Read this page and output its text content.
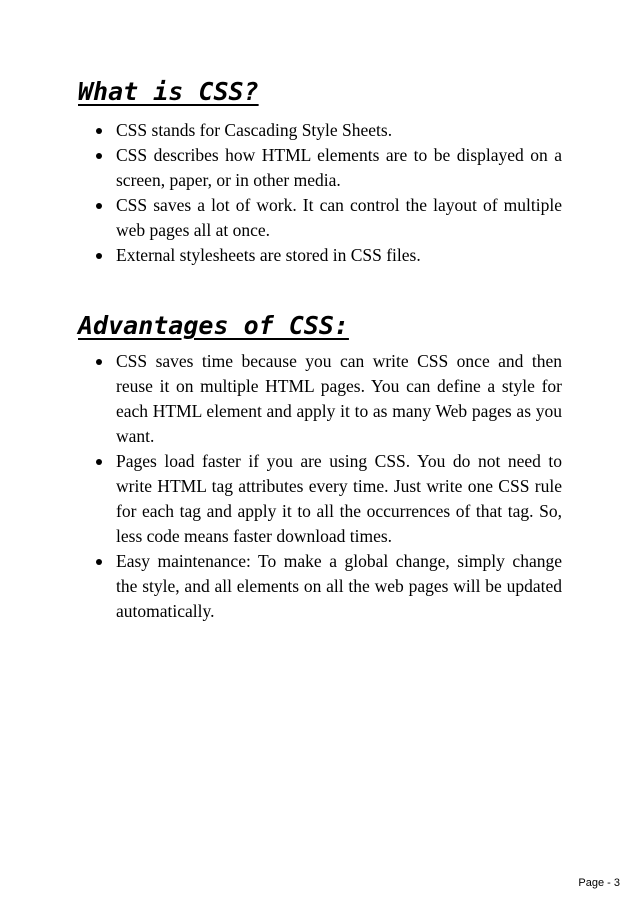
What is CSS?
CSS stands for Cascading Style Sheets.
CSS describes how HTML elements are to be displayed on a screen, paper, or in other media.
CSS saves a lot of work. It can control the layout of multiple web pages all at once.
External stylesheets are stored in CSS files.
Advantages of CSS:
CSS saves time because you can write CSS once and then reuse it on multiple HTML pages. You can define a style for each HTML element and apply it to as many Web pages as you want.
Pages load faster if you are using CSS. You do not need to write HTML tag attributes every time. Just write one CSS rule for each tag and apply it to all the occurrences of that tag. So, less code means faster download times.
Easy maintenance: To make a global change, simply change the style, and all elements on all the web pages will be updated automatically.
Page - 3
